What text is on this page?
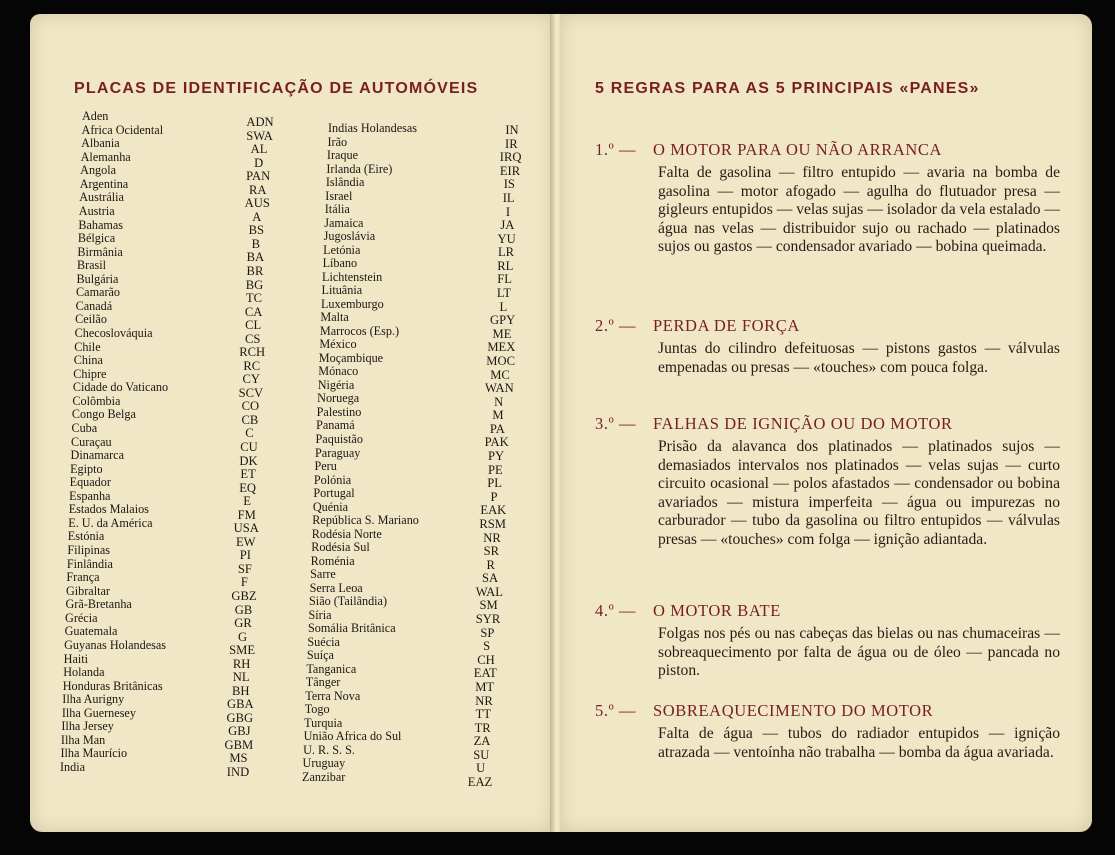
PLACAS DE IDENTIFICAÇÃO DE AUTOMÓVEIS
Aden	ADN
Africa Ocidental	SWA
Albania	AL
Alemanha	D
Angola	PAN
Argentina	RA
Austrália	AUS
Austria	A
Bahamas	BS
Bélgica	B
Birmânia	BA
Brasil	BR
Bulgária	BG
Camarão	TC
Canadá	CA
Ceilão	CL
Checoslováquia	CS
Chile	RCH
China	RC
Chipre	CY
Cidade do Vaticano	SCV
Colômbia	CO
Congo Belga	CB
Cuba	C
Curaçau	CU
Dinamarca	DK
Egipto	ET
Equador	EQ
Espanha	E
Estados Malaios	FM
E. U. da América	USA
Estónia	EW
Filipinas	PI
Finlândia	SF
França	F
Gibraltar	GBZ
Grã-Bretanha	GB
Grécia	GR
Guatemala	G
Guyanas Holandesas	SME
Haiti	RH
Holanda	NL
Honduras Britânicas	BH
Ilha Aurigny	GBA
Ilha Guernesey	GBG
Ilha Jersey	GBJ
Ilha Man	GBM
Ilha Maurício	MS
India	IND
Indias Holandesas	IN
Irão	IR
Iraque	IRQ
Irlanda (Eire)	EIR
Islândia	IS
Israel	IL
Itália	I
Jamaica	JA
Jugoslávia	YU
Letónia	LR
Líbano	RL
Lichtenstein	FL
Lituânia	LT
Luxemburgo	L
Malta	GPY
Marrocos (Esp.)	ME
México	MEX
Moçambique	MOC
Mónaco	MC
Nigéria	WAN
Noruega	N
Palestino	M
Panamá	PA
Paquistão	PAK
Paraguay	PY
Peru	PE
Polónia	PL
Portugal	P
Quénia	EAK
República S. Mariano	RSM
Rodésia Norte	NR
Rodésia Sul	SR
Roménia	R
Sarre	SA
Serra Leoa	WAL
Sião (Tailândia)	SM
Síria	SYR
Somália Britânica	SP
Suécia	S
Suíça	CH
Tanganica	EAT
Tânger	MT
Terra Nova	NR
Togo	TT
Turquia	TR
União Africa do Sul	ZA
U. R. S. S.	SU
Uruguay	U
Zanzibar	EAZ
5 REGRAS PARA AS 5 PRINCIPAIS «PANES»
1.º — O MOTOR PARA OU NÃO ARRANCA
Falta de gasolina — filtro entupido — avaria na bomba de gasolina — motor afogado — agulha do flutuador presa — gigleurs entupidos — velas sujas — isolador da vela estalado — água nas velas — distribuidor sujo ou rachado — platinados sujos ou gastos — condensador avariado — bobina queimada.
2.º — PERDA DE FORÇA
Juntas do cilindro defeituosas — pistons gastos — válvulas empenadas ou presas — «touches» com pouca folga.
3.º — FALHAS DE IGNIÇÃO OU DO MOTOR
Prisão da alavanca dos platinados — platinados sujos — demasiados intervalos nos platinados — velas sujas — curto circuito ocasional — polos afastados — condensador ou bobina avariados — mistura imperfeita — água ou impurezas no carburador — tubo da gasolina ou filtro entupidos — válvulas presas — «touches» com folga — ignição adiantada.
4.º — O MOTOR BATE
Folgas nos pés ou nas cabeças das bielas ou nas chumaceiras — sobreaquecimento por falta de água ou de óleo — pancada no piston.
5.º — SOBREAQUECIMENTO DO MOTOR
Falta de água — tubos do radiador entupidos — ignição atrazada — ventoínha não trabalha — bomba da água avariada.
